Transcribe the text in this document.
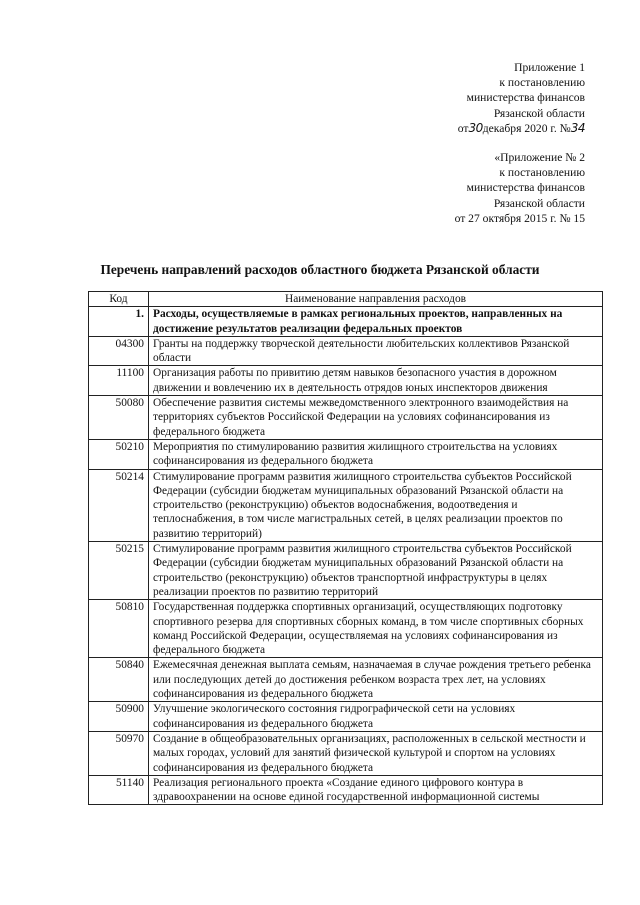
Приложение 1
к постановлению
министерства финансов
Рязанской области
от30декабря 2020 г. №34
«Приложение № 2
к постановлению
министерства финансов
Рязанской области
от 27 октября 2015 г. № 15
Перечень направлений расходов областного бюджета Рязанской области
Код	Наименование направления расходов
1.	Расходы, осуществляемые в рамках региональных проектов, направленных на достижение результатов реализации федеральных проектов
04300	Гранты на поддержку творческой деятельности любительских коллективов Рязанской области
11100	Организация работы по привитию детям навыков безопасного участия в дорожном движении и вовлечению их в деятельность отрядов юных инспекторов движения
50080	Обеспечение развития системы межведомственного электронного взаимодействия на территориях субъектов Российской Федерации на условиях софинансирования из федерального бюджета
50210	Мероприятия по стимулированию развития жилищного строительства на условиях софинансирования из федерального бюджета
50214	Стимулирование программ развития жилищного строительства субъектов Российской Федерации (субсидии бюджетам муниципальных образований Рязанской области на строительство (реконструкцию) объектов водоснабжения, водоотведения и теплоснабжения, в том числе магистральных сетей, в целях реализации проектов по развитию территорий)
50215	Стимулирование программ развития жилищного строительства субъектов Российской Федерации (субсидии бюджетам муниципальных образований Рязанской области на строительство (реконструкцию) объектов транспортной инфраструктуры в целях реализации проектов по развитию территорий
50810	Государственная поддержка спортивных организаций, осуществляющих подготовку спортивного резерва для спортивных сборных команд, в том числе спортивных сборных команд Российской Федерации, осуществляемая на условиях софинансирования из федерального бюджета
50840	Ежемесячная денежная выплата семьям, назначаемая в случае рождения третьего ребенка или последующих детей до достижения ребенком возраста трех лет, на условиях софинансирования из федерального бюджета
50900	Улучшение экологического состояния гидрографической сети на условиях софинансирования из федерального бюджета
50970	Создание в общеобразовательных организациях, расположенных в сельской местности и малых городах, условий для занятий физической культурой и спортом на условиях софинансирования из федерального бюджета
51140	Реализация регионального проекта «Создание единого цифрового контура в здравоохранении на основе единой государственной информационной системы
